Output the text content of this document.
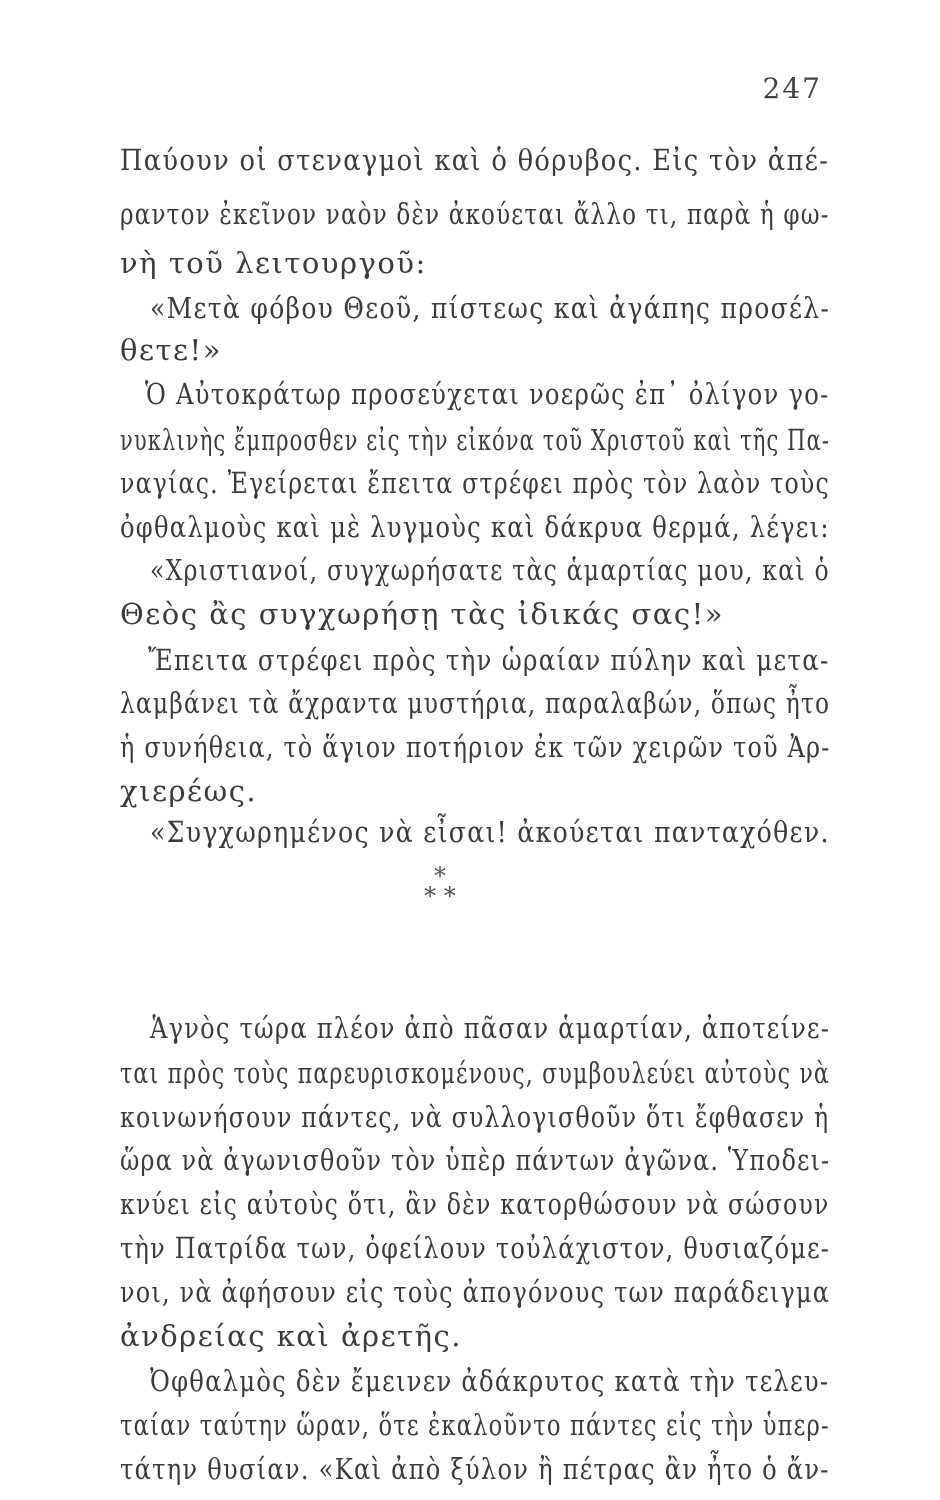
247
Παύουν οἱ στεναγμοὶ καὶ ὁ θόρυβος. Εἰς τὸν ἀπέ-
ραντον ἐκεῖνον ναὸν δὲν ἀκούεται ἄλλο τι, παρὰ ἡ φω-
νὴ τοῦ λειτουργοῦ:
«Μετὰ φόβου Θεοῦ, πίστεως καὶ ἀγάπης προσέλ-
θετε!»
Ὁ Αὐτοκράτωρ προσεύχεται νοερῶς ἐπ᾽ ὀλίγον γο-
νυκλινὴς ἔμπροσθεν εἰς τὴν εἰκόνα τοῦ Χριστοῦ καὶ τῆς Πα-
ναγίας. Ἐγείρεται ἔπειτα στρέφει πρὸς τὸν λαὸν τοὺς
ὀφθαλμοὺς καὶ μὲ λυγμοὺς καὶ δάκρυα θερμά, λέγει:
«Χριστιανοί, συγχωρήσατε τὰς ἁμαρτίας μου, καὶ ὁ
Θεὸς ἂς συγχωρήσῃ τὰς ἰδικάς σας!»
Ἔπειτα στρέφει πρὸς τὴν ὡραίαν πύλην καὶ μετα-
λαμβάνει τὰ ἄχραντα μυστήρια, παραλαβών, ὅπως ἦτο
ἡ συνήθεια, τὸ ἅγιον ποτήριον ἐκ τῶν χειρῶν τοῦ Ἀρ-
χιερέως.
«Συγχωρημένος νὰ εἶσαι! ἀκούεται πανταχόθεν.
*
* *
Ἁγνὸς τώρα πλέον ἀπὸ πᾶσαν ἁμαρτίαν, ἀποτείνε-
ται πρὸς τοὺς παρευρισκομένους, συμβουλεύει αὐτοὺς νὰ
κοινωνήσουν πάντες, νὰ συλλογισθοῦν ὅτι ἔφθασεν ἡ
ὥρα νὰ ἀγωνισθοῦν τὸν ὑπὲρ πάντων ἀγῶνα. Ὑποδει-
κνύει εἰς αὐτοὺς ὅτι, ἂν δὲν κατορθώσουν νὰ σώσουν
τὴν Πατρίδα των, ὀφείλουν τοὐλάχιστον, θυσιαζόμε-
νοι, νὰ ἀφήσουν εἰς τοὺς ἀπογόνους των παράδειγμα
ἀνδρείας καὶ ἀρετῆς.
Ὀφθαλμὸς δὲν ἔμεινεν ἀδάκρυτος κατὰ τὴν τελευ-
ταίαν ταύτην ὥραν, ὅτε ἐκαλοῦντο πάντες εἰς τὴν ὑπερ-
τάτην θυσίαν. «Καὶ ἀπὸ ξύλον ἢ πέτρας ἂν ἦτο ὁ ἄν-
